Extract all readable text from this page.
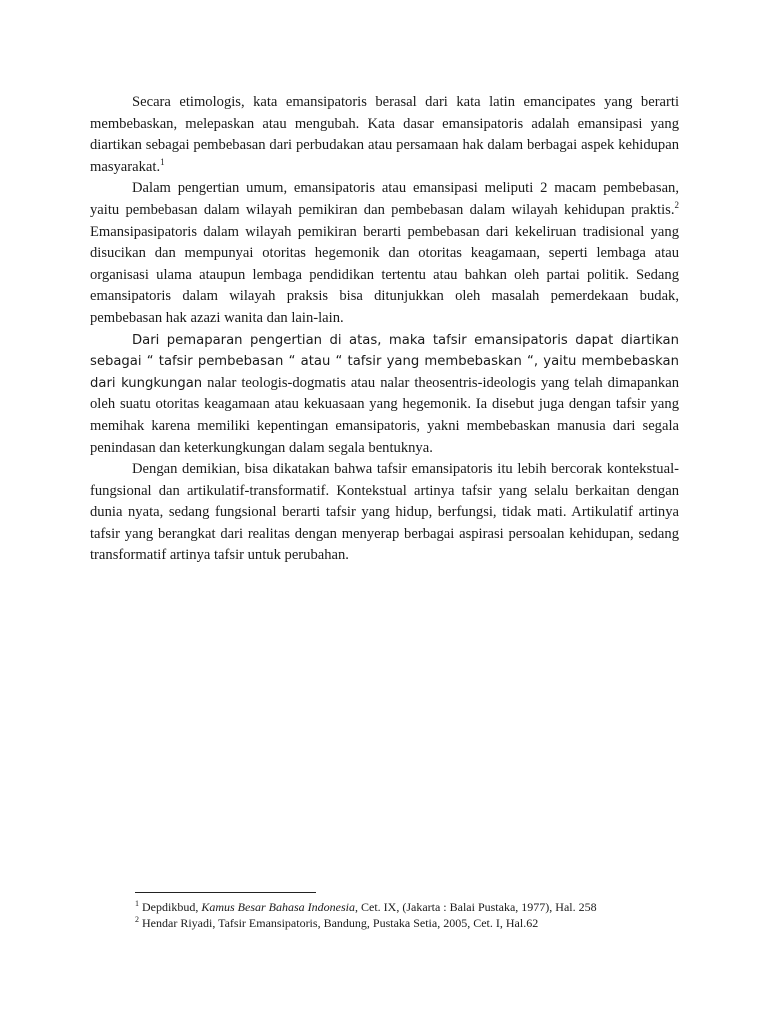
Secara etimologis, kata emansipatoris berasal dari kata latin emancipates yang berarti membebaskan, melepaskan atau mengubah. Kata dasar emansipatoris adalah emansipasi yang diartikan sebagai pembebasan dari perbudakan atau persamaan hak dalam berbagai aspek kehidupan masyarakat.$^1$

Dalam pengertian umum, emansipatoris atau emansipasi meliputi 2 macam pembebasan, yaitu pembebasan dalam wilayah pemikiran dan pembebasan dalam wilayah kehidupan praktis.$^2$ Emansipasipatoris dalam wilayah pemikiran berarti pembebasan dari kekeliruan tradisional yang disucikan dan mempunyai otoritas hegemonik dan otoritas keagamaan, seperti lembaga atau organisasi ulama ataupun lembaga pendidikan tertentu atau bahkan oleh partai politik. Sedang emansipatoris dalam wilayah praksis bisa ditunjukkan oleh masalah pemerdekaan budak, pembebasan hak azazi wanita dan lain-lain.

Dari pemaparan pengertian di atas, maka tafsir emansipatoris dapat diartikan sebagai “ tafsir pembebasan “ atau “ tafsir yang membebaskan “, yaitu membebaskan dari kungkungan nalar teologis-dogmatis atau nalar theosentris-ideologis yang telah dimapankan oleh suatu otoritas keagamaan atau kekuasaan yang hegemonik. Ia disebut juga dengan tafsir yang memihak karena memiliki kepentingan emansipatoris, yakni membebaskan manusia dari segala penindasan dan keterkungkungan dalam segala bentuknya.

Dengan demikian, bisa dikatakan bahwa tafsir emansipatoris itu lebih bercorak kontekstual-fungsional dan artikulatif-transformatif. Kontekstual artinya tafsir yang selalu berkaitan dengan dunia nyata, sedang fungsional berarti tafsir yang hidup, berfungsi, tidak mati. Artikulatif artinya tafsir yang berangkat dari realitas dengan menyerap berbagai aspirasi persoalan kehidupan, sedang transformatif artinya tafsir untuk perubahan.

$^1$ Depdikbud, Kamus Besar Bahasa Indonesia, Cet. IX, (Jakarta : Balai Pustaka, 1977), Hal. 258

$^2$ Hendar Riyadi, Tafsir Emansipatoris, Bandung, Pustaka Setia, 2005, Cet. I, Hal.62
